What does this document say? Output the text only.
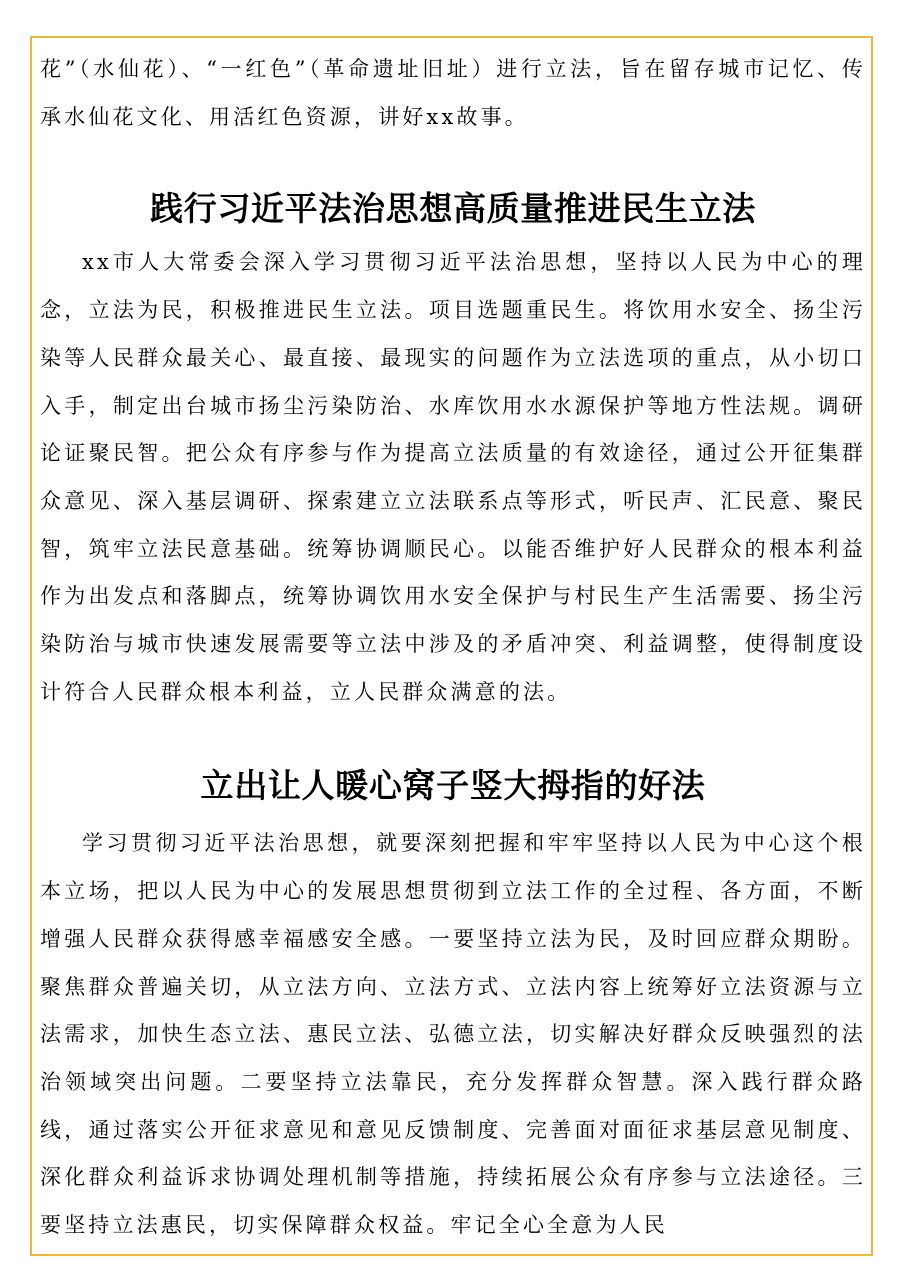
花”（水仙花）、“一红色”（革命遗址旧址）进行立法，旨在留存城市记忆、传承水仙花文化、用活红色资源，讲好xx故事。

践行习近平法治思想高质量推进民生立法

xx市人大常委会深入学习贯彻习近平法治思想，坚持以人民为中心的理念，立法为民，积极推进民生立法。项目选题重民生。将饮用水安全、扬尘污染等人民群众最关心、最直接、最现实的问题作为立法选项的重点，从小切口入手，制定出台城市扬尘污染防治、水库饮用水水源保护等地方性法规。调研论证聚民智。把公众有序参与作为提高立法质量的有效途径，通过公开征集群众意见、深入基层调研、探索建立立法联系点等形式，听民声、汇民意、聚民智，筑牢立法民意基础。统筹协调顺民心。以能否维护好人民群众的根本利益作为出发点和落脚点，统筹协调饮用水安全保护与村民生产生活需要、扬尘污染防治与城市快速发展需要等立法中涉及的矛盾冲突、利益调整，使得制度设计符合人民群众根本利益，立人民群众满意的法。

立出让人暖心窝子竖大拇指的好法

学习贯彻习近平法治思想，就要深刻把握和牢牢坚持以人民为中心这个根本立场，把以人民为中心的发展思想贯彻到立法工作的全过程、各方面，不断增强人民群众获得感幸福感安全感。一要坚持立法为民，及时回应群众期盼。聚焦群众普遍关切，从立法方向、立法方式、立法内容上统筹好立法资源与立法需求，加快生态立法、惠民立法、弘德立法，切实解决好群众反映强烈的法治领域突出问题。二要坚持立法靠民，充分发挥群众智慧。深入践行群众路线，通过落实公开征求意见和意见反馈制度、完善面对面征求基层意见制度、深化群众利益诉求协调处理机制等措施，持续拓展公众有序参与立法途径。三要坚持立法惠民，切实保障群众权益。牢记全心全意为人民
